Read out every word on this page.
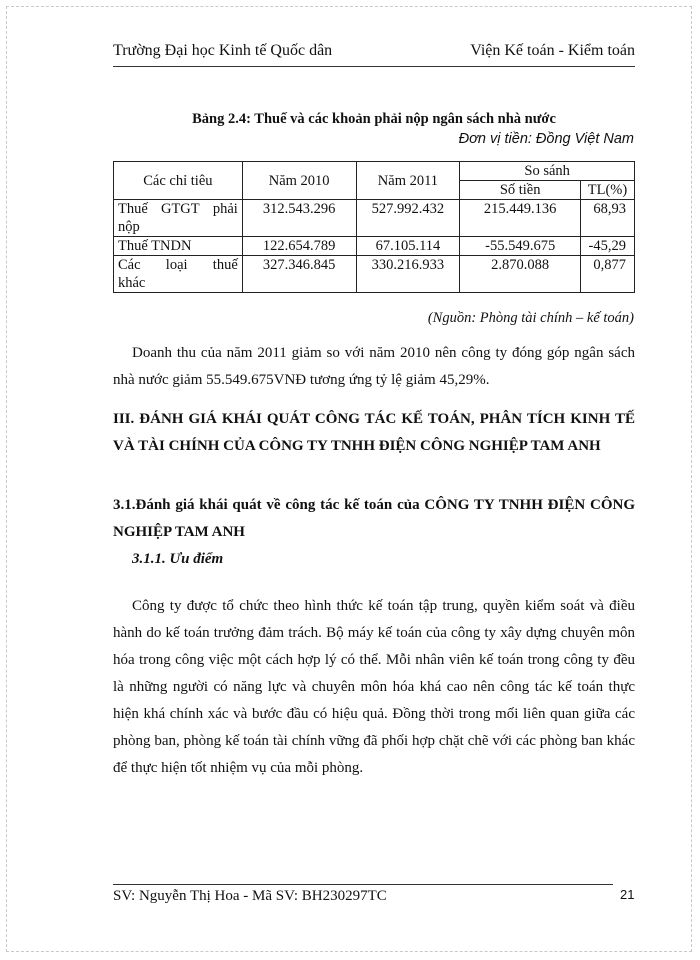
Trường Đại học Kinh tế Quốc dân	Viện Kế toán - Kiểm toán
Bảng 2.4: Thuế và các khoản phải nộp ngân sách nhà nước
Đơn vị tiền: Đồng Việt Nam
Các chỉ tiêu	Năm 2010	Năm 2011	So sánh	
			Số tiền	TL(%)

Thuế GTGT phải
nộp	312.543.296	527.992.432	215.449.136	68,93
Thuế TNDN	122.654.789	67.105.114	-55.549.675	-45,29

Các loại thuế
khác	327.346.845	330.216.933	2.870.088	0,877
(Nguồn: Phòng tài chính – kế toán)

Doanh thu của năm 2011 giảm so với năm 2010 nên công ty đóng góp ngân sách nhà nước giảm 55.549.675VNĐ tương ứng tỷ lệ giảm 45,29%.

III. ĐÁNH GIÁ KHÁI QUÁT CÔNG TÁC KẾ TOÁN, PHÂN TÍCH KINH TẾ VÀ TÀI CHÍNH CỦA CÔNG TY TNHH ĐIỆN CÔNG NGHIỆP TAM ANH
3.1.Đánh giá khái quát về công tác kế toán của CÔNG TY TNHH ĐIỆN CÔNG NGHIỆP TAM ANH
3.1.1. Ưu điểm

Công ty được tổ chức theo hình thức kế toán tập trung, quyền kiểm soát và điều hành do kế toán trưởng đảm trách. Bộ máy kế toán của công ty xây dựng chuyên môn hóa trong công việc một cách hợp lý có thể. Mỗi nhân viên kế toán trong công ty đều là những người có năng lực và chuyên môn hóa khá cao nên công tác kế toán thực hiện khá chính xác và bước đầu có hiệu quả. Đồng thời trong mối liên quan giữa các phòng ban, phòng kế toán tài chính vững đã phối hợp chặt chẽ với các phòng ban khác để thực hiện tốt nhiệm vụ của mỗi phòng.

SV: Nguyễn Thị Hoa - Mã SV: BH230297TC	21
